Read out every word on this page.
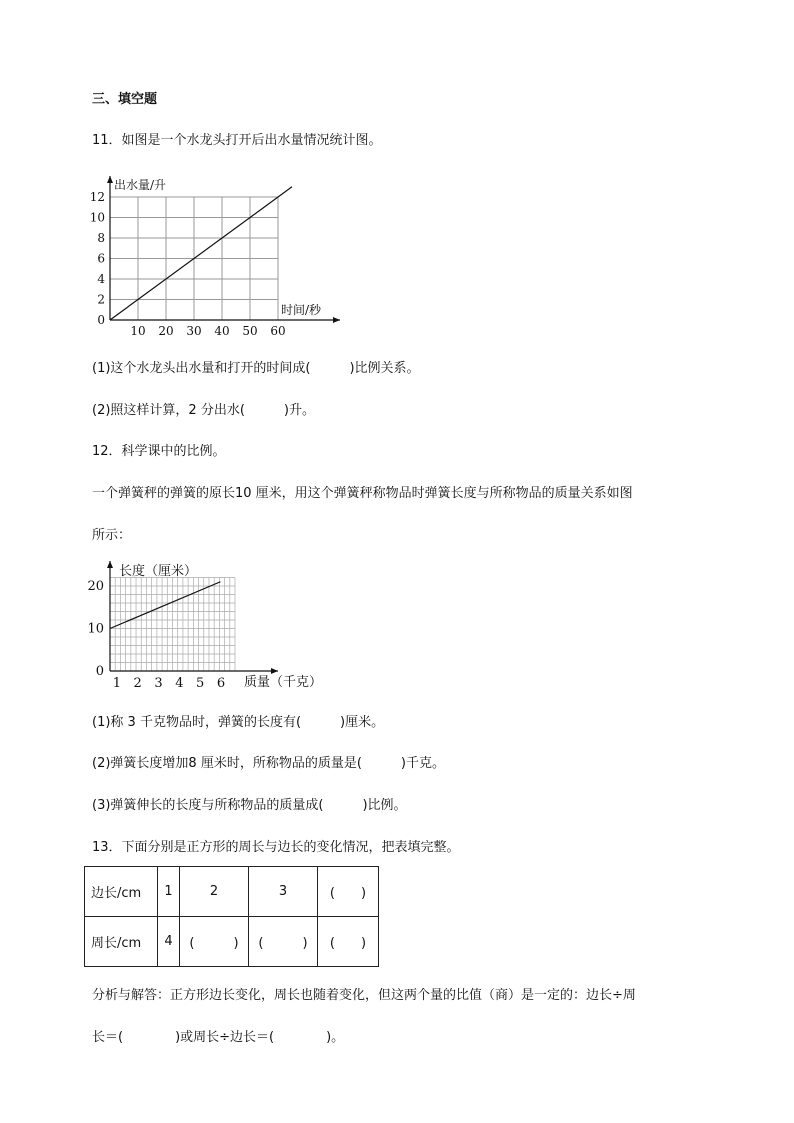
三、填空题
11．如图是一个水龙头打开后出水量情况统计图。
10 20 30 40 50 60
0
2
4
6
8
10
12
出水量/升
时间/秒
(1)这个水龙头出水量和打开的时间成(　　　)比例关系。
(2)照这样计算，2 分出水(　　　)升。
12．科学课中的比例。
一个弹簧秤的弹簧的原长10 厘米，用这个弹簧秤称物品时弹簧长度与所称物品的质量关系如图
所示：
1 2 3 4 5 6
0
10
20
长度（厘米）
质量（千克）
(1)称 3 千克物品时，弹簧的长度有(　　　)厘米。
(2)弹簧长度增加8 厘米时，所称物品的质量是(　　　)千克。
(3)弹簧伸长的长度与所称物品的质量成(　　　)比例。
13．下面分别是正方形的周长与边长的变化情况，把表填完整。
边长/cm	1	2	3	(　　)
周长/cm	4	(　　　)	(　　　)	(　　)
分析与解答：正方形边长变化，周长也随着变化，但这两个量的比值（商）是一定的：边长÷周
长＝(　　　　)或周长÷边长＝(　　　　)。
